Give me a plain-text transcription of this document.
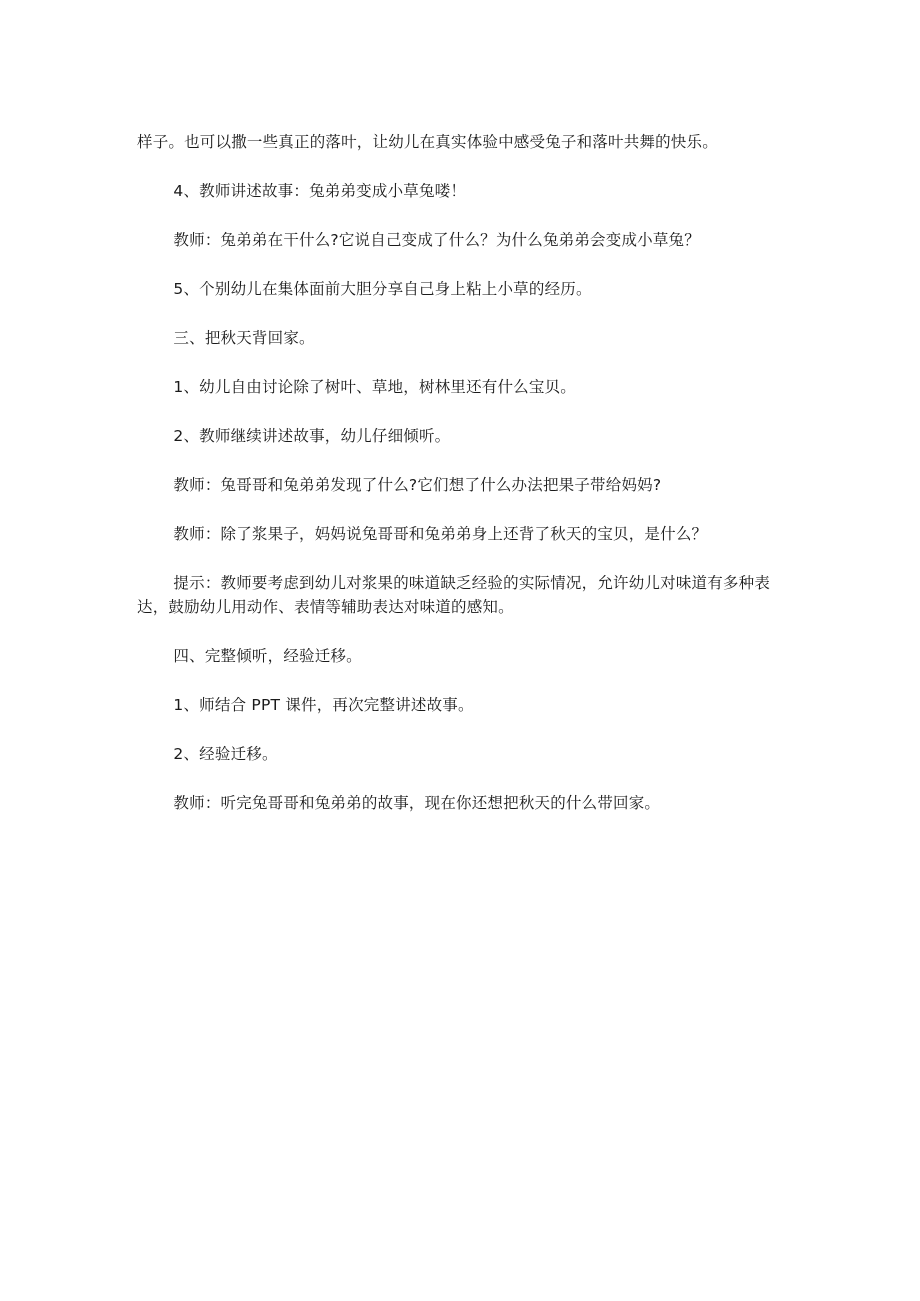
样子。也可以撒一些真正的落叶，让幼儿在真实体验中感受兔子和落叶共舞的快乐。

4、教师讲述故事：兔弟弟变成小草兔喽！

教师：兔弟弟在干什么?它说自己变成了什么？为什么兔弟弟会变成小草兔？

5、个别幼儿在集体面前大胆分享自己身上粘上小草的经历。

三、把秋天背回家。

1、幼儿自由讨论除了树叶、草地，树林里还有什么宝贝。

2、教师继续讲述故事，幼儿仔细倾听。

教师：兔哥哥和兔弟弟发现了什么?它们想了什么办法把果子带给妈妈?

教师：除了浆果子，妈妈说兔哥哥和兔弟弟身上还背了秋天的宝贝，是什么？

提示：教师要考虑到幼儿对浆果的味道缺乏经验的实际情况，允许幼儿对味道有多种表达，鼓励幼儿用动作、表情等辅助表达对味道的感知。

四、完整倾听，经验迁移。

1、师结合 PPT 课件，再次完整讲述故事。

2、经验迁移。

教师：听完兔哥哥和兔弟弟的故事，现在你还想把秋天的什么带回家。
